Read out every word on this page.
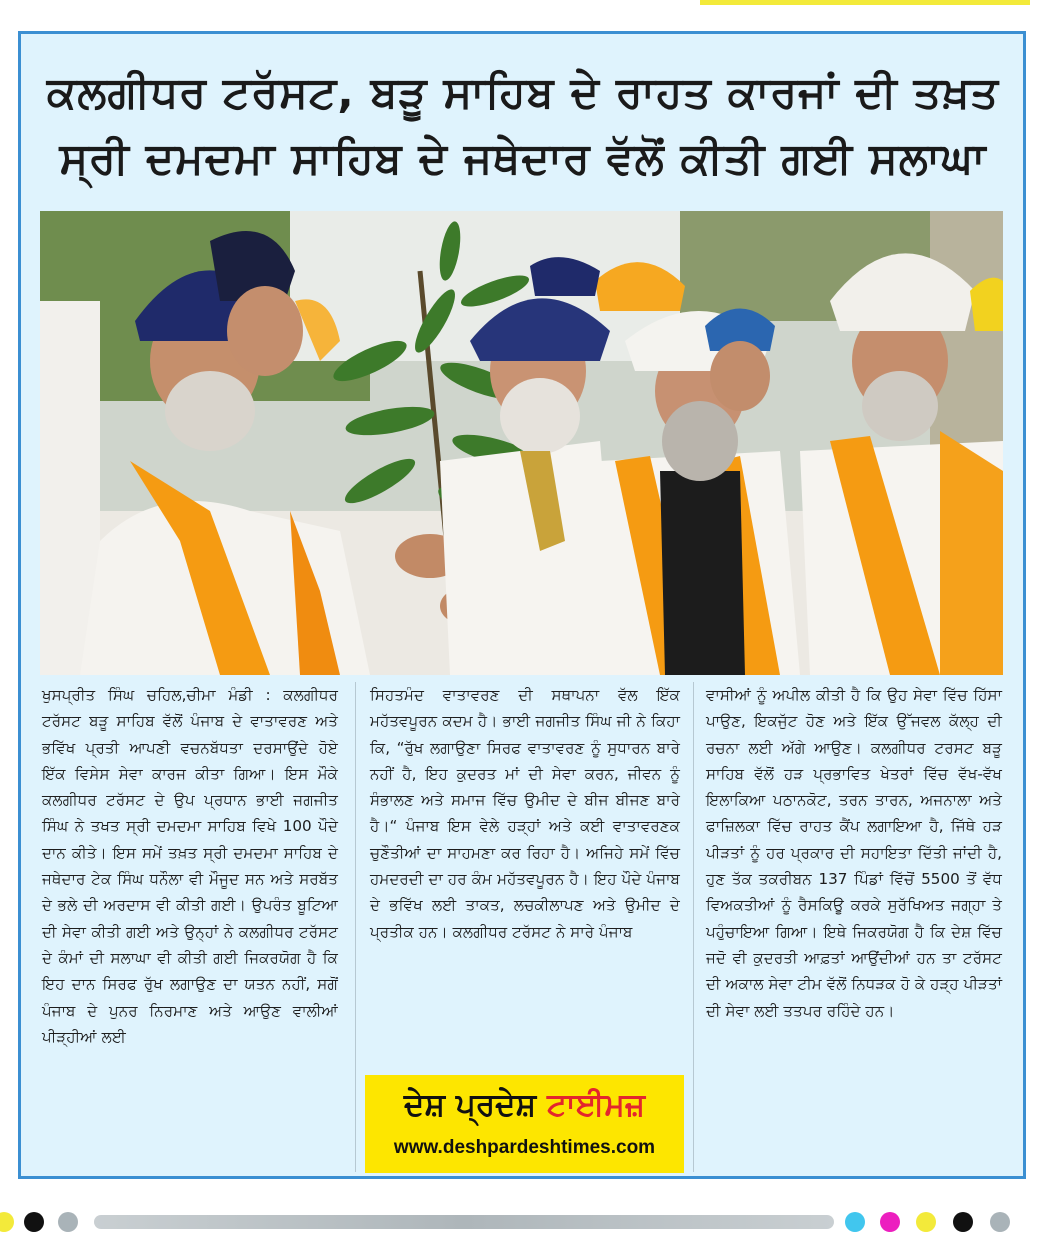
ਕਲਗੀਧਰ ਟਰੱਸਟ, ਬੜੂ ਸਾਹਿਬ ਦੇ ਰਾਹਤ ਕਾਰਜਾਂ ਦੀ ਤਖ਼ਤ
ਸ੍ਰੀ ਦਮਦਮਾ ਸਾਹਿਬ ਦੇ ਜਥੇਦਾਰ ਵੱਲੋਂ ਕੀਤੀ ਗਈ ਸਲਾਘਾ
ਖੁਸਪ੍ਰੀਤ ਸਿੰਘ ਚਹਿਲ,ਚੀਮਾ ਮੰਡੀ : ਕਲਗੀਧਰ ਟਰੱਸਟ ਬੜੂ ਸਾਹਿਬ ਵੱਲੋਂ ਪੰਜਾਬ ਦੇ ਵਾਤਾਵਰਣ ਅਤੇ ਭਵਿੱਖ ਪ੍ਰਤੀ ਆਪਣੀ ਵਚਨਬੱਧਤਾ ਦਰਸਾਉਂਦੇ ਹੋਏ ਇੱਕ ਵਿਸੇਸ ਸੇਵਾ ਕਾਰਜ ਕੀਤਾ ਗਿਆ। ਇਸ ਮੌਕੇ ਕਲਗੀਧਰ ਟਰੱਸਟ ਦੇ ਉਪ ਪ੍ਰਧਾਨ ਭਾਈ ਜਗਜੀਤ ਸਿੰਘ ਨੇ ਤਖਤ ਸ੍ਰੀ ਦਮਦਮਾ ਸਾਹਿਬ ਵਿਖੇ 100 ਪੌਦੇ ਦਾਨ ਕੀਤੇ। ਇਸ ਸਮੇਂ ਤਖ਼ਤ ਸ੍ਰੀ ਦਮਦਮਾ ਸਾਹਿਬ ਦੇ ਜਥੇਦਾਰ ਟੇਕ ਸਿੰਘ ਧਨੌਲਾ ਵੀ ਮੌਜੂਦ ਸਨ ਅਤੇ ਸਰਬੱਤ ਦੇ ਭਲੇ ਦੀ ਅਰਦਾਸ ਵੀ ਕੀਤੀ ਗਈ। ਉਪਰੰਤ ਬੂਟਿਆ ਦੀ ਸੇਵਾ ਕੀਤੀ ਗਈ ਅਤੇ ਉਨ੍ਹਾਂ ਨੇ ਕਲਗੀਧਰ ਟਰੱਸਟ ਦੇ ਕੰਮਾਂ ਦੀ ਸਲਾਘਾ ਵੀ ਕੀਤੀ ਗਈ ਜਿਕਰਯੋਗ ਹੈ ਕਿ ਇਹ ਦਾਨ ਸਿਰਫ ਰੁੱਖ ਲਗਾਉਣ ਦਾ ਯਤਨ ਨਹੀਂ, ਸਗੋਂ ਪੰਜਾਬ ਦੇ ਪੁਨਰ ਨਿਰਮਾਣ ਅਤੇ ਆਉਣ ਵਾਲੀਆਂ ਪੀੜ੍ਹੀਆਂ ਲਈ
ਸਿਹਤਮੰਦ ਵਾਤਾਵਰਣ ਦੀ ਸਥਾਪਨਾ ਵੱਲ ਇੱਕ ਮਹੱਤਵਪੂਰਨ ਕਦਮ ਹੈ। ਭਾਈ ਜਗਜੀਤ ਸਿੰਘ ਜੀ ਨੇ ਕਿਹਾ ਕਿ, “ਰੁੱਖ ਲਗਾਉਣਾ ਸਿਰਫ ਵਾਤਾਵਰਣ ਨੂੰ ਸੁਧਾਰਨ ਬਾਰੇ ਨਹੀਂ ਹੈ, ਇਹ ਕੁਦਰਤ ਮਾਂ ਦੀ ਸੇਵਾ ਕਰਨ, ਜੀਵਨ ਨੂੰ ਸੰਭਾਲਣ ਅਤੇ ਸਮਾਜ ਵਿੱਚ ਉਮੀਦ ਦੇ ਬੀਜ ਬੀਜਣ ਬਾਰੇ ਹੈ।“ ਪੰਜਾਬ ਇਸ ਵੇਲੇ ਹੜ੍ਹਾਂ ਅਤੇ ਕਈ ਵਾਤਾਵਰਣਕ ਚੁਣੌਤੀਆਂ ਦਾ ਸਾਹਮਣਾ ਕਰ ਰਿਹਾ ਹੈ। ਅਜਿਹੇ ਸਮੇਂ ਵਿੱਚ ਹਮਦਰਦੀ ਦਾ ਹਰ ਕੰਮ ਮਹੱਤਵਪੂਰਨ ਹੈ। ਇਹ ਪੌਦੇ ਪੰਜਾਬ ਦੇ ਭਵਿੱਖ ਲਈ ਤਾਕਤ, ਲਚਕੀਲਾਪਣ ਅਤੇ ਉਮੀਦ ਦੇ ਪ੍ਰਤੀਕ ਹਨ। ਕਲਗੀਧਰ ਟਰੱਸਟ ਨੇ ਸਾਰੇ ਪੰਜਾਬ
ਵਾਸੀਆਂ ਨੂੰ ਅਪੀਲ ਕੀਤੀ ਹੈ ਕਿ ਉਹ ਸੇਵਾ ਵਿੱਚ ਹਿੱਸਾ ਪਾਉਣ, ਇਕਜੁੱਟ ਹੋਣ ਅਤੇ ਇੱਕ ਉੱਜਵਲ ਕੱਲ੍ਹ ਦੀ ਰਚਨਾ ਲਈ ਅੱਗੇ ਆਉਣ। ਕਲਗੀਧਰ ਟਰਸਟ ਬੜੂ ਸਾਹਿਬ ਵੱਲੋਂ ਹੜ ਪ੍ਰਭਾਵਿਤ ਖੇਤਰਾਂ ਵਿੱਚ ਵੱਖ-ਵੱਖ ਇਲਾਕਿਆ ਪਠਾਨਕੋਟ, ਤਰਨ ਤਾਰਨ, ਅਜਨਾਲਾ ਅਤੇ ਫਾਜ਼ਿਲਕਾ ਵਿੱਚ ਰਾਹਤ ਕੈਂਪ ਲਗਾਇਆ ਹੈ, ਜਿੱਥੇ ਹੜ ਪੀੜਤਾਂ ਨੂੰ ਹਰ ਪ੍ਰਕਾਰ ਦੀ ਸਹਾਇਤਾ ਦਿੱਤੀ ਜਾਂਦੀ ਹੈ, ਹੁਣ ਤੱਕ ਤਕਰੀਬਨ 137 ਪਿੰਡਾਂ ਵਿੱਚੋਂ 5500 ਤੋਂ ਵੱਧ ਵਿਅਕਤੀਆਂ ਨੂੰ ਰੈਸਕਿਊ ਕਰਕੇ ਸੁਰੱਖਿਅਤ ਜਗ੍ਹਾ ਤੇ ਪਹੁੰਚਾਇਆ ਗਿਆ। ਇਥੇ ਜਿਕਰਯੋਗ ਹੈ ਕਿ ਦੇਸ਼ ਵਿੱਚ ਜਦੋ ਵੀ ਕੁਦਰਤੀ ਆਫ਼ਤਾਂ ਆਉਂਦੀਆਂ ਹਨ ਤਾ ਟਰੱਸਟ ਦੀ ਅਕਾਲ ਸੇਵਾ ਟੀਮ ਵੱਲੋਂ ਨਿਧੜਕ ਹੋ ਕੇ ਹੜ੍ਹ ਪੀੜਤਾਂ ਦੀ ਸੇਵਾ ਲਈ ਤਤਪਰ ਰਹਿੰਦੇ ਹਨ।
ਦੇਸ਼ ਪ੍ਰਦੇਸ਼ ਟਾਈਮਜ਼
www.deshpardeshtimes.com
